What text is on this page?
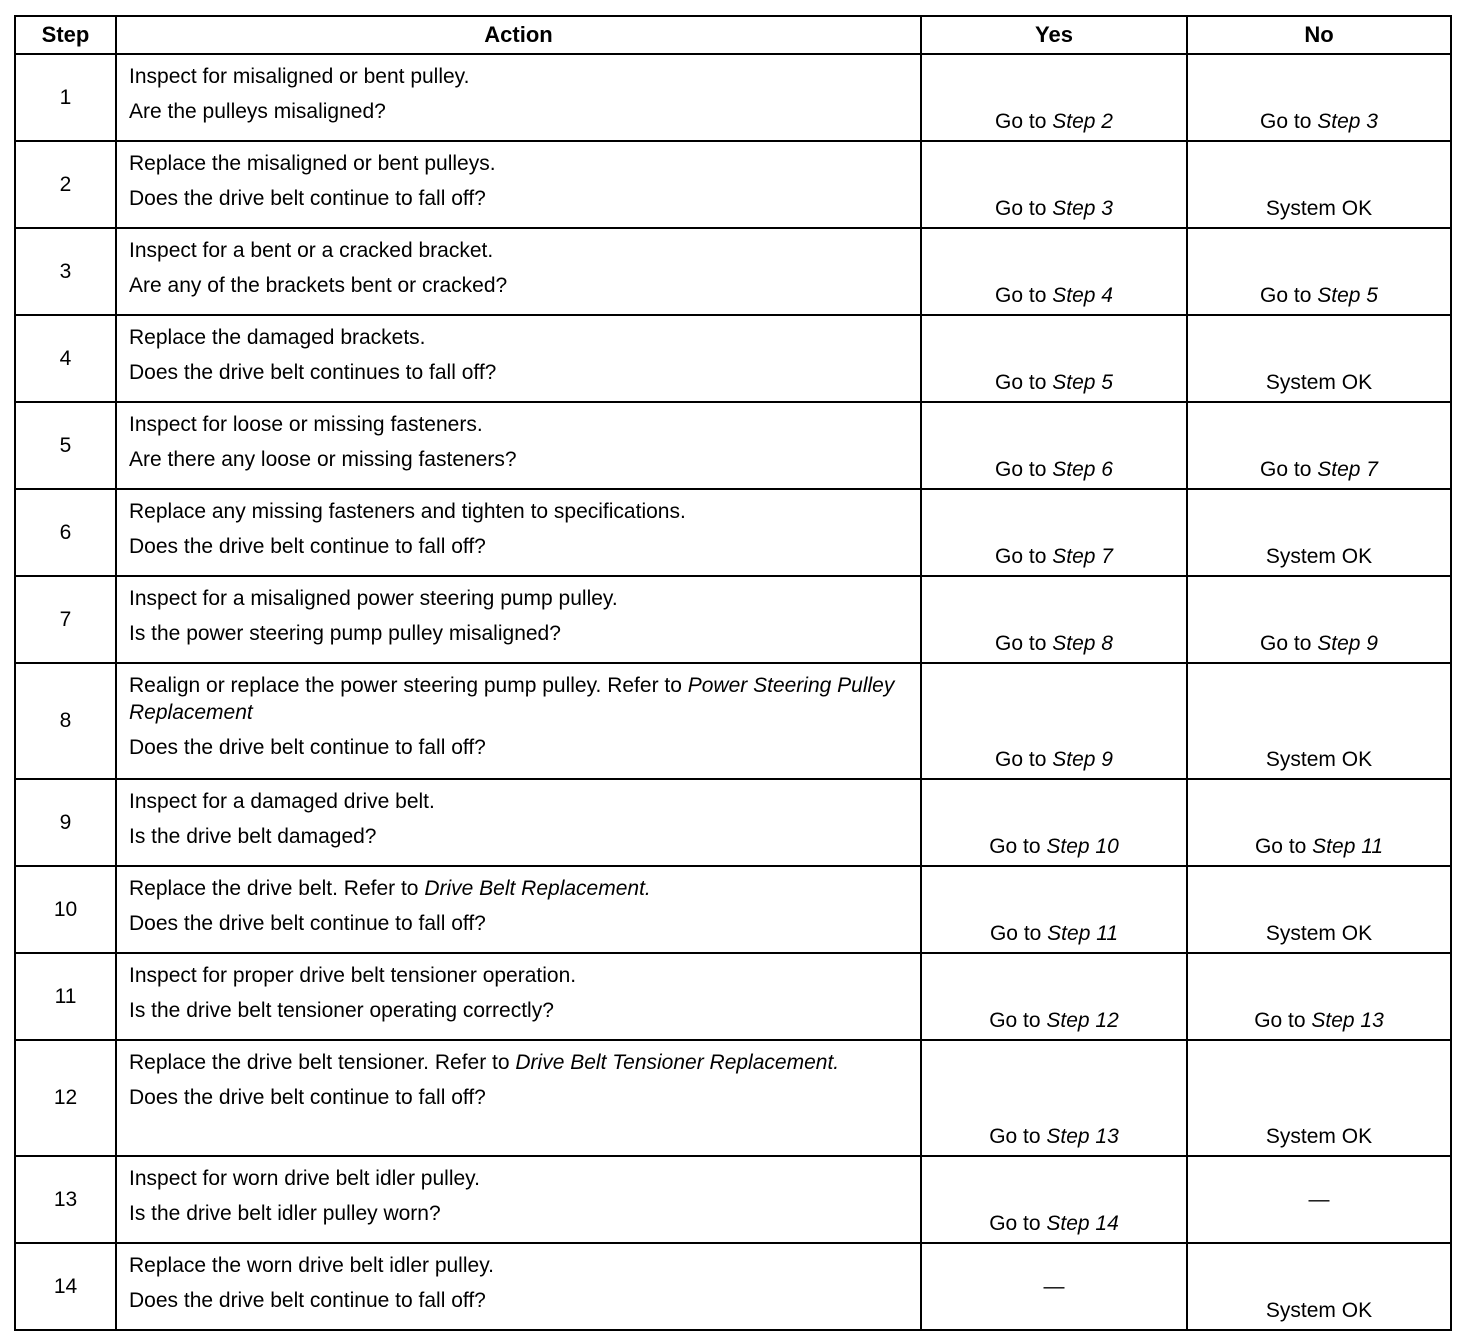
Step	Action	Yes	No
1	Inspect for misaligned or bent pulley.
Are the pulleys misaligned?	Go to Step 2	Go to Step 3
2	Replace the misaligned or bent pulleys.
Does the drive belt continue to fall off?	Go to Step 3	System OK
3	Inspect for a bent or a cracked bracket.
Are any of the brackets bent or cracked?	Go to Step 4	Go to Step 5
4	Replace the damaged brackets.
Does the drive belt continues to fall off?	Go to Step 5	System OK
5	Inspect for loose or missing fasteners.
Are there any loose or missing fasteners?	Go to Step 6	Go to Step 7
6	Replace any missing fasteners and tighten to specifications.
Does the drive belt continue to fall off?	Go to Step 7	System OK
7	Inspect for a misaligned power steering pump pulley.
Is the power steering pump pulley misaligned?	Go to Step 8	Go to Step 9
8	Realign or replace the power steering pump pulley. Refer to Power Steering Pulley Replacement
Does the drive belt continue to fall off?	Go to Step 9	System OK
9	Inspect for a damaged drive belt.
Is the drive belt damaged?	Go to Step 10	Go to Step 11
10	Replace the drive belt. Refer to Drive Belt Replacement.
Does the drive belt continue to fall off?	Go to Step 11	System OK
11	Inspect for proper drive belt tensioner operation.
Is the drive belt tensioner operating correctly?	Go to Step 12	Go to Step 13
12	Replace the drive belt tensioner. Refer to Drive Belt Tensioner Replacement.
Does the drive belt continue to fall off?	Go to Step 13	System OK
13	Inspect for worn drive belt idler pulley.
Is the drive belt idler pulley worn?	Go to Step 14	—
14	Replace the worn drive belt idler pulley.
Does the drive belt continue to fall off?	—	System OK
